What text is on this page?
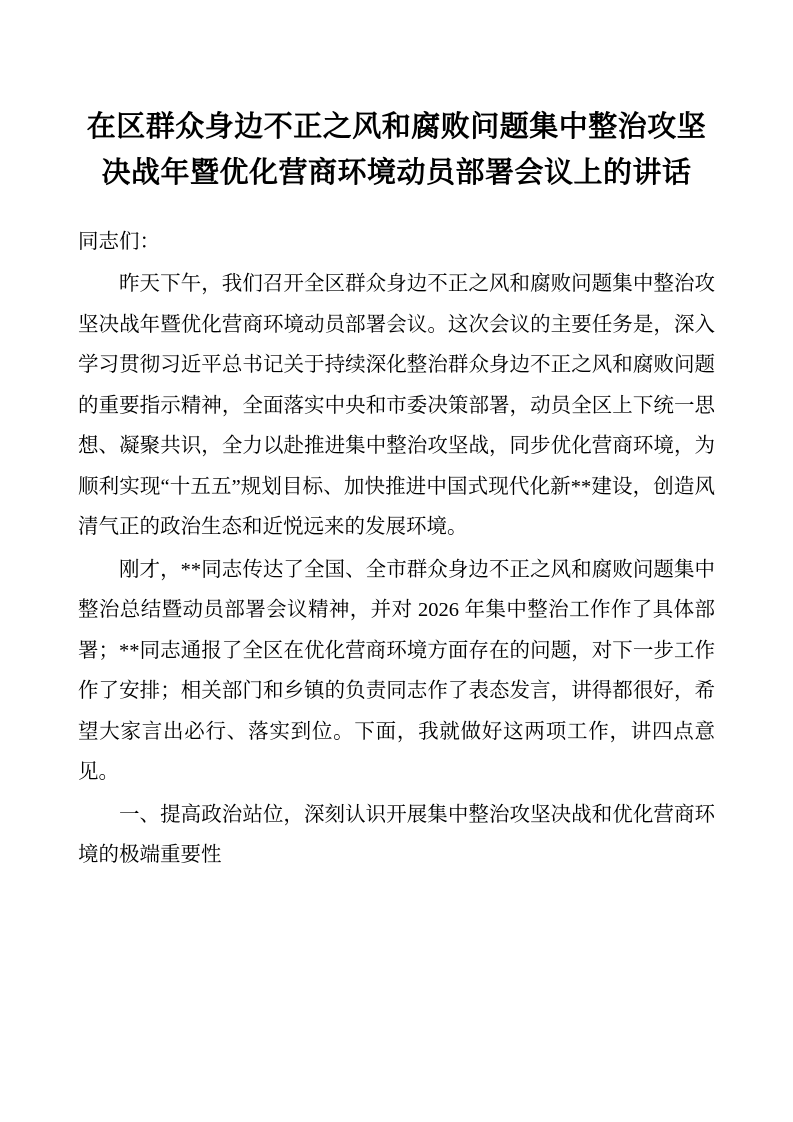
在区群众身边不正之风和腐败问题集中整治攻坚决战年暨优化营商环境动员部署会议上的讲话

同志们：

昨天下午，我们召开全区群众身边不正之风和腐败问题集中整治攻坚决战年暨优化营商环境动员部署会议。这次会议的主要任务是，深入学习贯彻习近平总书记关于持续深化整治群众身边不正之风和腐败问题的重要指示精神，全面落实中央和市委决策部署，动员全区上下统一思想、凝聚共识，全力以赴推进集中整治攻坚战，同步优化营商环境，为顺利实现“十五五”规划目标、加快推进中国式现代化新**建设，创造风清气正的政治生态和近悦远来的发展环境。

刚才，**同志传达了全国、全市群众身边不正之风和腐败问题集中整治总结暨动员部署会议精神，并对 2026 年集中整治工作作了具体部署；**同志通报了全区在优化营商环境方面存在的问题，对下一步工作作了安排；相关部门和乡镇的负责同志作了表态发言，讲得都很好，希望大家言出必行、落实到位。下面，我就做好这两项工作，讲四点意见。

一、提高政治站位，深刻认识开展集中整治攻坚决战和优化营商环境的极端重要性
